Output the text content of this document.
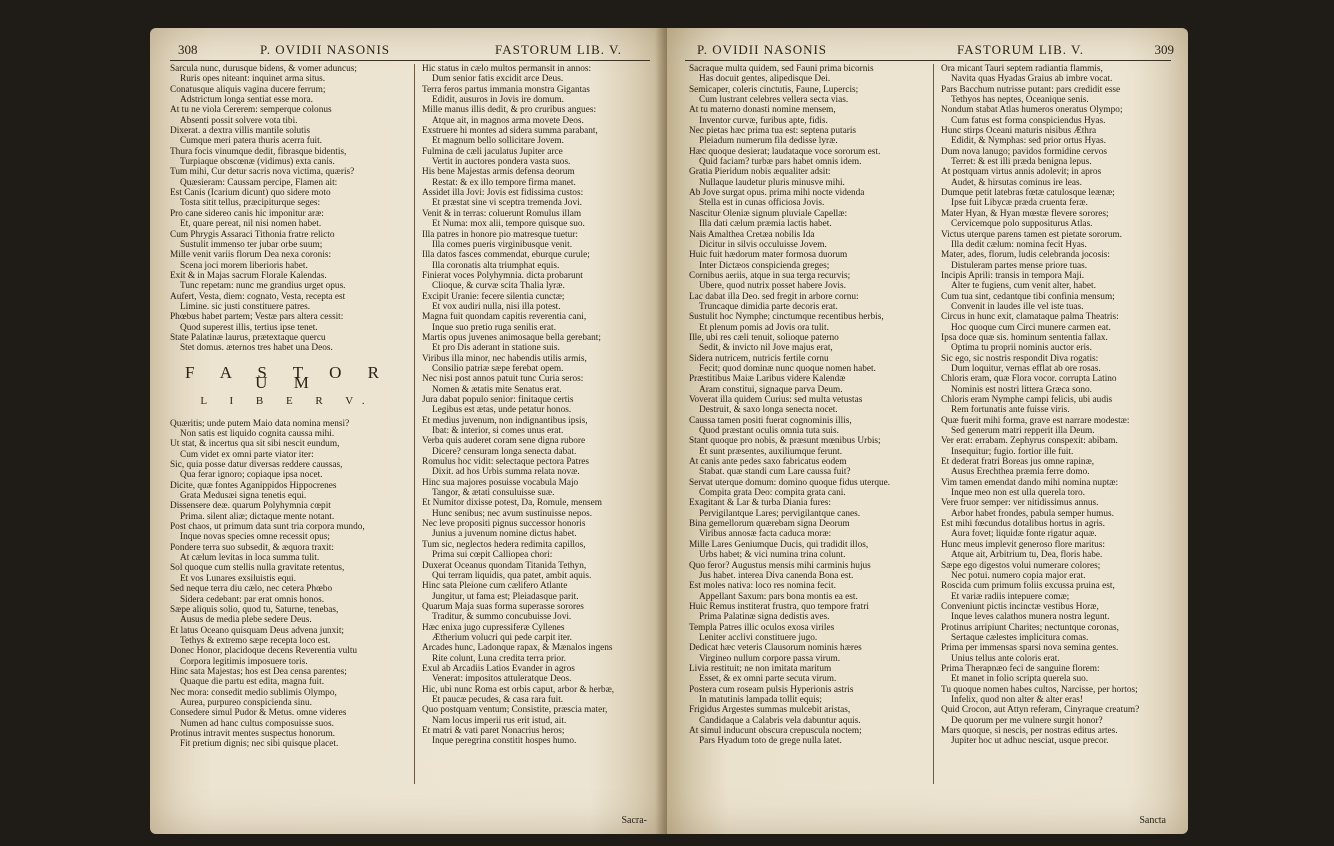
308	P. OVIDII NASONIS	FASTORUM LIB. V.
Sarcula nunc, durusque bidens, & vomer aduncus;
Ruris opes niteant: inquinet arma situs.
Conatusque aliquis vagina ducere ferrum;
Adstrictum longa sentiat esse mora.
At tu ne viola Cererem: semperque colonus
Absenti possit solvere vota tibi.
Dixerat. a dextra villis mantile solutis
Cumque meri patera thuris acerra fuit.
Thura focis vinumque dedit, fibrasque bidentis,
Turpiaque obscœnæ (vidimus) exta canis.
Tum mihi, Cur detur sacris nova victima, quæris?
Quæsieram: Caussam percipe, Flamen ait:
Est Canis (Icarium dicunt) quo sidere moto
Tosta sitit tellus, præcipiturque seges:
Pro cane sidereo canis hic imponitur aræ:
Et, quare pereat, nil nisi nomen habet.
Cum Phrygis Assaraci Tithonia fratre relicto
Sustulit immenso ter jubar orbe suum;
Mille venit variis florum Dea nexa coronis:
Scena joci morem liberioris habet.
Exit & in Majas sacrum Florale Kalendas.
Tunc repetam: nunc me grandius urget opus.
Aufert, Vesta, diem: cognato, Vesta, recepta est
Limine. sic justi constituere patres.
Phœbus habet partem; Vestæ pars altera cessit:
Quod superest illis, tertius ipse tenet.
State Palatinæ laurus, prætextaque quercu
Stet domus. æternos tres habet una Deos.
F A S T O R U M
L I B E R V.
Quæritis; unde putem Maio data nomina mensi?
Non satis est liquido cognita caussa mihi.
Ut stat, & incertus qua sit sibi nescit eundum,
Cum videt ex omni parte viator iter:
Sic, quia posse datur diversas reddere caussas,
Qua ferar ignoro; copiaque ipsa nocet.
Dicite, quæ fontes Aganippidos Hippocrenes
Grata Medusæi signa tenetis equi.
Dissensere deæ. quarum Polyhymnia cœpit
Prima. silent aliæ; dictaque mente notant.
Post chaos, ut primum data sunt tria corpora mundo,
Inque novas species omne recessit opus;
Pondere terra suo subsedit, & æquora traxit:
At cælum levitas in loca summa tulit.
Sol quoque cum stellis nulla gravitate retentus,
Et vos Lunares exsiluistis equi.
Sed neque terra diu cælo, nec cetera Phœbo
Sidera cedebant: par erat omnis honos.
Sæpe aliquis solio, quod tu, Saturne, tenebas,
Ausus de media plebe sedere Deus.
Et latus Oceano quisquam Deus advena junxit;
Tethys & extremo sæpe recepta loco est.
Donec Honor, placidoque decens Reverentia vultu
Corpora legitimis imposuere toris.
Hinc sata Majestas; hos est Dea censa parentes;
Quaque die partu est edita, magna fuit.
Nec mora: consedit medio sublimis Olympo,
Aurea, purpureo conspicienda sinu.
Consedere simul Pudor & Metus. omne videres
Numen ad hanc cultus composuisse suos.
Protinus intravit mentes suspectus honorum.
Fit pretium dignis; nec sibi quisque placet.
Hic status in cælo multos permansit in annos:
Dum senior fatis excidit arce Deus.
Terra feros partus immania monstra Gigantas
Edidit, ausuros in Jovis ire domum.
Mille manus illis dedit, & pro cruribus angues:
Atque ait, in magnos arma movete Deos.
Exstruere hi montes ad sidera summa parabant,
Et magnum bello sollicitare Jovem.
Fulmina de cæli jaculatus Jupiter arce
Vertit in auctores pondera vasta suos.
His bene Majestas armis defensa deorum
Restat: & ex illo tempore firma manet.
Assidet illa Jovi: Jovis est fidissima custos:
Et præstat sine vi sceptra tremenda Jovi.
Venit & in terras: coluerunt Romulus illam
Et Numa: mox alii, tempore quisque suo.
Illa patres in honore pio matresque tuetur:
Illa comes pueris virginibusque venit.
Illa datos fasces commendat, eburque curule;
Illa coronatis alta triumphat equis.
Finierat voces Polyhymnia. dicta probarunt
Clioque, & curvæ scita Thalia lyræ.
Excipit Uranie: fecere silentia cunctæ;
Et vox audiri nulla, nisi illa potest.
Magna fuit quondam capitis reverentia cani,
Inque suo pretio ruga senilis erat.
Martis opus juvenes animosaque bella gerebant;
Et pro Dis aderant in statione suis.
Viribus illa minor, nec habendis utilis armis,
Consilio patriæ sæpe ferebat opem.
Nec nisi post annos patuit tunc Curia seros:
Nomen & ætatis mite Senatus erat.
Jura dabat populo senior: finitaque certis
Legibus est ætas, unde petatur honos.
Et medius juvenum, non indignantibus ipsis,
Ibat: & interior, si comes unus erat.
Verba quis auderet coram sene digna rubore
Dicere? censuram longa senecta dabat.
Romulus hoc vidit: selectaque pectora Patres
Dixit. ad hos Urbis summa relata novæ.
Hinc sua majores posuisse vocabula Majo
Tangor, & ætati consuluisse suæ.
Et Numitor dixisse potest, Da, Romule, mensem
Hunc senibus; nec avum sustinuisse nepos.
Nec leve propositi pignus successor honoris
Junius a juvenum nomine dictus habet.
Tum sic, neglectos hedera redimita capillos,
Prima sui cœpit Calliopea chori:
Duxerat Oceanus quondam Titanida Tethyn,
Qui terram liquidis, qua patet, ambit aquis.
Hinc sata Pleione cum cælifero Atlante
Jungitur, ut fama est; Pleiadasque parit.
Quarum Maja suas forma superasse sorores
Traditur, & summo concubuisse Jovi.
Hæc enixa jugo cupressiferæ Cyllenes
Ætherium volucri qui pede carpit iter.
Arcades hunc, Ladonque rapax, & Mænalos ingens
Rite colunt, Luna credita terra prior.
Exul ab Arcadiis Latios Evander in agros
Venerat: impositos attuleratque Deos.
Hic, ubi nunc Roma est orbis caput, arbor & herbæ,
Et paucæ pecudes, & casa rara fuit.
Quo postquam ventum; Consistite, præscia mater,
Nam locus imperii rus erit istud, ait.
Et matri & vati paret Nonacrius heros;
Inque peregrina constitit hospes humo.
Sacra-
P. OVIDII NASONIS	FASTORUM LIB. V.	309
Sacraque multa quidem, sed Fauni prima bicornis
Has docuit gentes, alipedisque Dei.
Semicaper, coleris cinctutis, Faune, Lupercis;
Cum lustrant celebres vellera secta vias.
At tu materno donasti nomine mensem,
Inventor curvæ, furibus apte, fidis.
Nec pietas hæc prima tua est: septena putaris
Pleiadum numerum fila dedisse lyræ.
Hæc quoque desierat; laudataque voce sororum est.
Quid faciam? turbæ pars habet omnis idem.
Gratia Pieridum nobis æqualiter adsit:
Nullaque laudetur pluris minusve mihi.
Ab Jove surgat opus. prima mihi nocte videnda
Stella est in cunas officiosa Jovis.
Nascitur Oleniæ signum pluviale Capellæ:
Illa dati cælum præmia lactis habet.
Nais Amalthea Cretæa nobilis Ida
Dicitur in silvis occuluisse Jovem.
Huic fuit hædorum mater formosa duorum
Inter Dictæos conspicienda greges;
Cornibus aeriis, atque in sua terga recurvis;
Ubere, quod nutrix posset habere Jovis.
Lac dabat illa Deo. sed fregit in arbore cornu:
Truncaque dimidia parte decoris erat.
Sustulit hoc Nymphe; cinctumque recentibus herbis,
Et plenum pomis ad Jovis ora tulit.
Ille, ubi res cæli tenuit, solioque paterno
Sedit, & invicto nil Jove majus erat,
Sidera nutricem, nutricis fertile cornu
Fecit; quod dominæ nunc quoque nomen habet.
Præstitibus Maiæ Laribus videre Kalendæ
Aram constitui, signaque parva Deum.
Voverat illa quidem Curius: sed multa vetustas
Destruit, & saxo longa senecta nocet.
Caussa tamen positi fuerat cognominis illis,
Quod præstant oculis omnia tuta suis.
Stant quoque pro nobis, & præsunt mœnibus Urbis;
Et sunt præsentes, auxiliumque ferunt.
At canis ante pedes saxo fabricatus eodem
Stabat. quæ standi cum Lare caussa fuit?
Servat uterque domum: domino quoque fidus uterque.
Compita grata Deo: compita grata cani.
Exagitant & Lar & turba Diania fures:
Pervigilantque Lares; pervigilantque canes.
Bina gemellorum quærebam signa Deorum
Viribus annosæ facta caduca moræ:
Mille Lares Geniumque Ducis, qui tradidit illos,
Urbs habet; & vici numina trina colunt.
Quo feror? Augustus mensis mihi carminis hujus
Jus habet. interea Diva canenda Bona est.
Est moles nativa: loco res nomina fecit.
Appellant Saxum: pars bona montis ea est.
Huic Remus institerat frustra, quo tempore fratri
Prima Palatinæ signa dedistis aves.
Templa Patres illic oculos exosa viriles
Leniter acclivi constituere jugo.
Dedicat hæc veteris Clausorum nominis hæres
Virgineo nullum corpore passa virum.
Livia restituit; ne non imitata maritum
Esset, & ex omni parte secuta virum.
Postera cum roseam pulsis Hyperionis astris
In matutinis lampada tollit equis;
Frigidus Argestes summas mulcebit aristas,
Candidaque a Calabris vela dabuntur aquis.
At simul inducunt obscura crepuscula noctem;
Pars Hyadum toto de grege nulla latet.
Ora micant Tauri septem radiantia flammis,
Navita quas Hyadas Graius ab imbre vocat.
Pars Bacchum nutrisse putant: pars credidit esse
Tethyos has neptes, Oceanique senis.
Nondum stabat Atlas humeros oneratus Olympo;
Cum fatus est forma conspiciendus Hyas.
Hunc stirps Oceani maturis nisibus Æthra
Edidit, & Nymphas: sed prior ortus Hyas.
Dum nova lanugo; pavidos formidine cervos
Terret: & est illi præda benigna lepus.
At postquam virtus annis adolevit; in apros
Audet, & hirsutas cominus ire leas.
Dumque petit latebras fœtæ catulosque leænæ;
Ipse fuit Libycæ præda cruenta feræ.
Mater Hyan, & Hyan mœstæ flevere sorores;
Cervicemque polo suppositurus Atlas.
Victus uterque parens tamen est pietate sororum.
Illa dedit cælum: nomina fecit Hyas.
Mater, ades, florum, ludis celebranda jocosis:
Distuleram partes mense priore tuas.
Incipis Aprili: transis in tempora Maji.
Alter te fugiens, cum venit alter, habet.
Cum tua sint, cedantque tibi confinia mensum;
Convenit in laudes ille vel iste tuas.
Circus in hunc exit, clamataque palma Theatris:
Hoc quoque cum Circi munere carmen eat.
Ipsa doce quæ sis. hominum sententia fallax.
Optima tu proprii nominis auctor eris.
Sic ego, sic nostris respondit Diva rogatis:
Dum loquitur, vernas efflat ab ore rosas.
Chloris eram, quæ Flora vocor. corrupta Latino
Nominis est nostri littera Græca sono.
Chloris eram Nymphe campi felicis, ubi audis
Rem fortunatis ante fuisse viris.
Quæ fuerit mihi forma, grave est narrare modestæ:
Sed generum matri repperit illa Deum.
Ver erat: errabam. Zephyrus conspexit: abibam.
Insequitur; fugio. fortior ille fuit.
Et dederat fratri Boreas jus omne rapinæ,
Ausus Erechthea præmia ferre domo.
Vim tamen emendat dando mihi nomina nuptæ:
Inque meo non est ulla querela toro.
Vere fruor semper: ver nitidissimus annus.
Arbor habet frondes, pabula semper humus.
Est mihi fœcundus dotalibus hortus in agris.
Aura fovet; liquidæ fonte rigatur aquæ.
Hunc meus implevit generoso flore maritus:
Atque ait, Arbitrium tu, Dea, floris habe.
Sæpe ego digestos volui numerare colores;
Nec potui. numero copia major erat.
Roscida cum primum foliis excussa pruina est,
Et variæ radiis intepuere comæ;
Conveniunt pictis incinctæ vestibus Horæ,
Inque leves calathos munera nostra legunt.
Protinus arripiunt Charites; nectuntque coronas,
Sertaque cælestes implicitura comas.
Prima per immensas sparsi nova semina gentes.
Unius tellus ante coloris erat.
Prima Therapnæo feci de sanguine florem:
Et manet in folio scripta querela suo.
Tu quoque nomen habes cultos, Narcisse, per hortos;
Infelix, quod non alter & alter eras!
Quid Crocon, aut Attyn referam, Cinyraque creatum?
De quorum per me vulnere surgit honor?
Mars quoque, si nescis, per nostras editus artes.
Jupiter hoc ut adhuc nesciat, usque precor.
Sancta
